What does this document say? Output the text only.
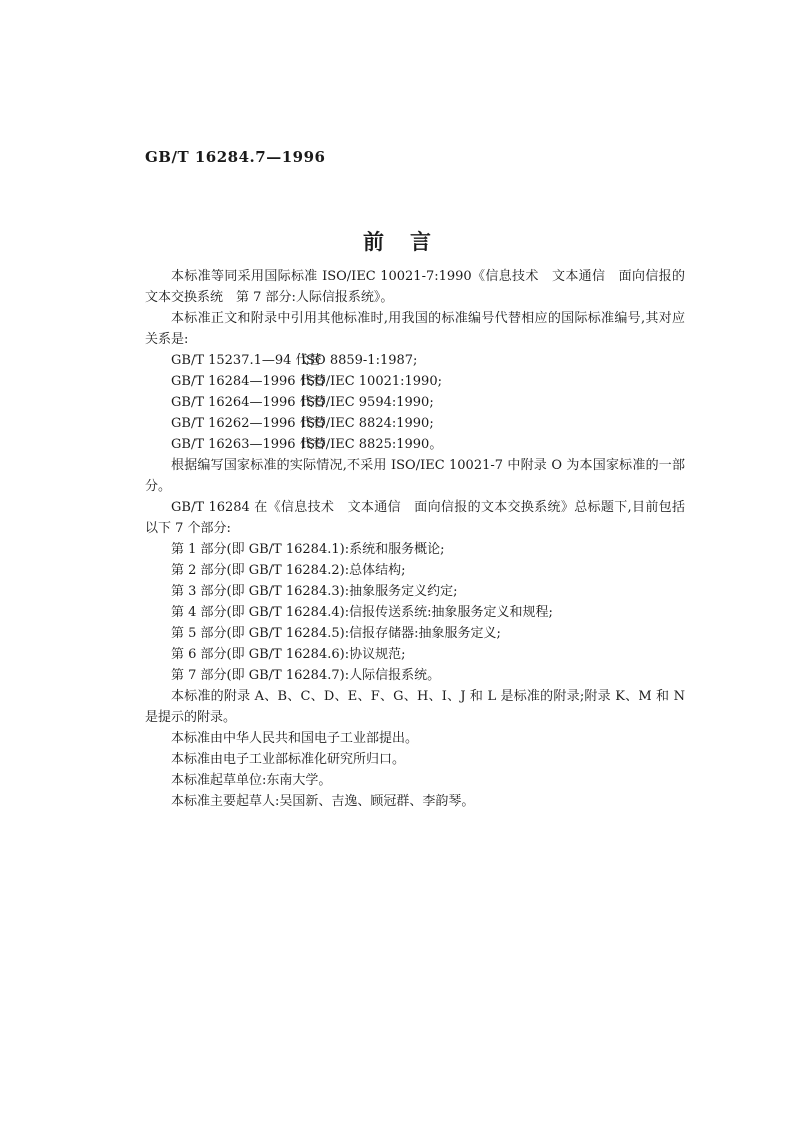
GB/T 16284.7—1996
前言

本标准等同采用国际标准 ISO/IEC 10021-7:1990《信息技术　文本通信　面向信报的文本交换系统　第 7 部分:人际信报系统》。

本标准正文和附录中引用其他标准时,用我国的标准编号代替相应的国际标准编号,其对应关系是:

GB/T 15237.1—94 代替ISO 8859-1:1987;
GB/T 16284—1996 代替ISO/IEC 10021:1990;
GB/T 16264—1996 代替ISO/IEC 9594:1990;
GB/T 16262—1996 代替ISO/IEC 8824:1990;
GB/T 16263—1996 代替ISO/IEC 8825:1990。

根据编写国家标准的实际情况,不采用 ISO/IEC 10021-7 中附录 O 为本国家标准的一部分。

GB/T 16284 在《信息技术　文本通信　面向信报的文本交换系统》总标题下,目前包括以下 7 个部分:

第 1 部分(即 GB/T 16284.1):系统和服务概论;
第 2 部分(即 GB/T 16284.2):总体结构;
第 3 部分(即 GB/T 16284.3):抽象服务定义约定;
第 4 部分(即 GB/T 16284.4):信报传送系统:抽象服务定义和规程;
第 5 部分(即 GB/T 16284.5):信报存储器:抽象服务定义;
第 6 部分(即 GB/T 16284.6):协议规范;
第 7 部分(即 GB/T 16284.7):人际信报系统。

本标准的附录 A、B、C、D、E、F、G、H、I、J 和 L 是标准的附录;附录 K、M 和 N 是提示的附录。

本标准由中华人民共和国电子工业部提出。

本标准由电子工业部标准化研究所归口。

本标准起草单位:东南大学。

本标准主要起草人:吴国新、吉逸、顾冠群、李韵琴。
